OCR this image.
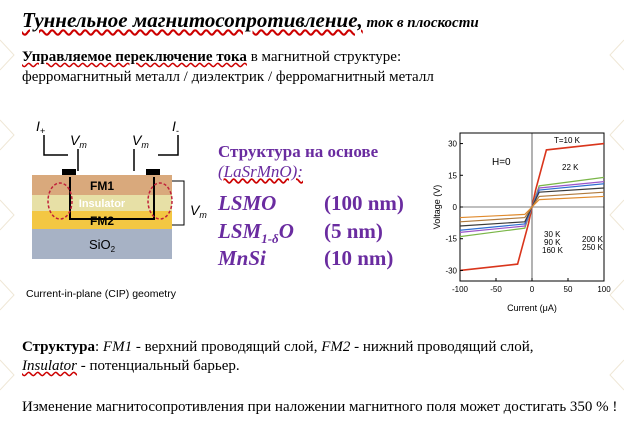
Туннельное магнитосопротивление, ток в плоскости
Управляемое переключение тока в магнитной структуре:
ферромагнитный металл / диэлектрик / ферромагнитный металл
$I_+$	$I_-$
$V_т$	$V_т$
$V_т$
FM1
Insulator
FM2
SiO$_2$
Current-in-plane (CIP) geometry
Структура на основе
(LaSrMnO):
LSMO (100 nm)
$LSM_{1-\delta}O$ (5 nm)
MnSi	(10 nm)
-100	-50	0	50	100
30
15
0
-15
-30
H=0
T=10 K
22 K
30 K
90 K
160 K
200 K
250 K
Current (μA)
Voltage (V)
Структура: FM1 - верхний проводящий слой, FM2 - нижний проводящий слой,
Insulator - потенциальный барьер.
Изменение магнитосопротивления при наложении магнитного поля может достигать 350 % !
